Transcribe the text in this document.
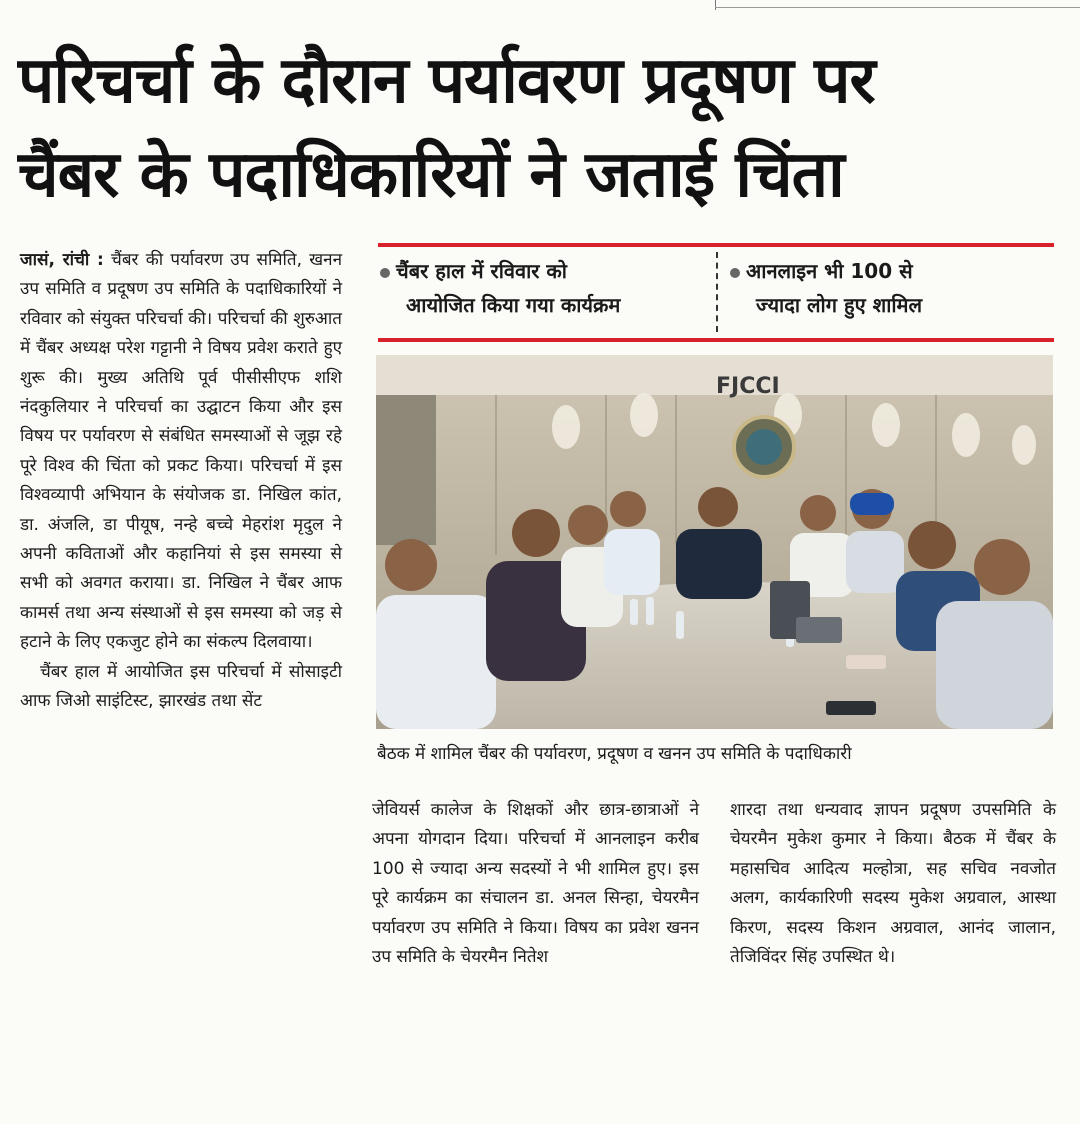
परिचर्चा के दौरान पर्यावरण प्रदूषण पर
चैंबर के पदाधिकारियों ने जताई चिंता
जासं, रांची : चैंबर की पर्यावरण उप समिति, खनन उप समिति व प्रदूषण उप समिति के पदाधिकारियों ने रविवार को संयुक्त परिचर्चा की। परिचर्चा की शुरुआत में चैंबर अध्यक्ष परेश गट्टानी ने विषय प्रवेश कराते हुए शुरू की। मुख्य अतिथि पूर्व पीसीसीएफ शशि नंदकुलियार ने परिचर्चा का उद्घाटन किया और इस विषय पर पर्यावरण से संबंधित समस्याओं से जूझ रहे पूरे विश्व की चिंता को प्रकट किया। परिचर्चा में इस विश्वव्यापी अभियान के संयोजक डा. निखिल कांत, डा. अंजलि, डा पीयूष, नन्हे बच्चे मेहरांश मृदुल ने अपनी कविताओं और कहानियां से इस समस्या से सभी को अवगत कराया। डा. निखिल ने चैंबर आफ कामर्स तथा अन्य संस्थाओं से इस समस्या को जड़ से हटाने के लिए एकजुट होने का संकल्प दिलवाया।
चैंबर हाल में आयोजित इस परिचर्चा में सोसाइटी आफ जिओ साइंटिस्ट, झारखंड तथा सेंट
चैंबर हाल में रविवार को
आयोजित किया गया कार्यक्रम
आनलाइन भी 100 से
ज्यादा लोग हुए शामिल
FJCCI
बैठक में शामिल चैंबर की पर्यावरण, प्रदूषण व खनन उप समिति के पदाधिकारी
जेवियर्स कालेज के शिक्षकों और छात्र-छात्राओं ने अपना योगदान दिया। परिचर्चा में आनलाइन करीब 100 से ज्यादा अन्य सदस्यों ने भी शामिल हुए। इस पूरे कार्यक्रम का संचालन डा. अनल सिन्हा, चेयरमैन पर्यावरण उप समिति ने किया। विषय का प्रवेश खनन उप समिति के चेयरमैन नितेश
शारदा तथा धन्यवाद ज्ञापन प्रदूषण उपसमिति के चेयरमैन मुकेश कुमार ने किया। बैठक में चैंबर के महासचिव आदित्य मल्होत्रा, सह सचिव नवजोत अलग, कार्यकारिणी सदस्य मुकेश अग्रवाल, आस्था किरण, सदस्य किशन अग्रवाल, आनंद जालान, तेजिविंदर सिंह उपस्थित थे।
